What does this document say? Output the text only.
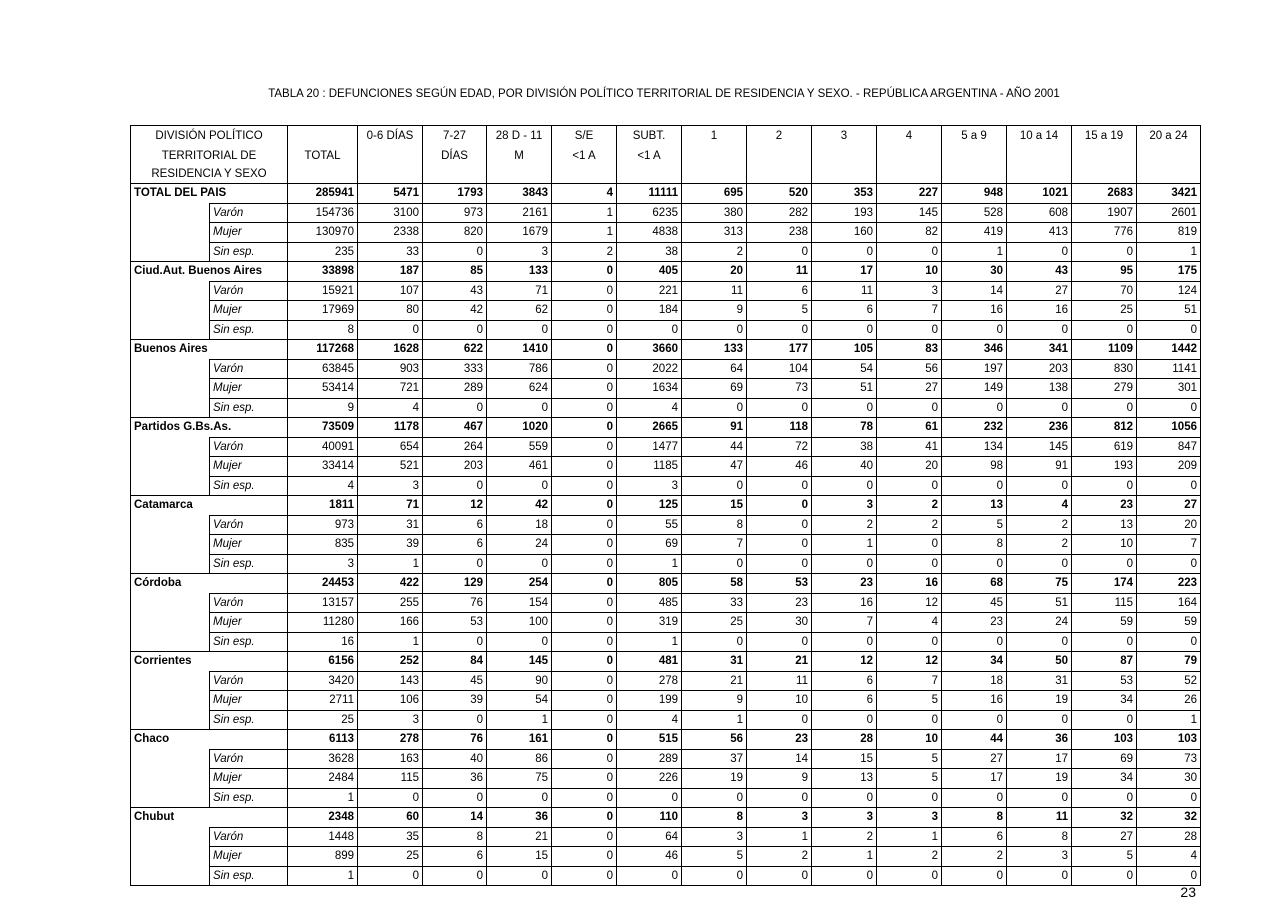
TABLA 20 : DEFUNCIONES SEGÚN EDAD, POR DIVISIÓN POLÍTICO TERRITORIAL DE RESIDENCIA Y SEXO. - REPÚBLICA ARGENTINA - AÑO 2001
DIVISIÓN POLÍTICO			0-6 DÍAS	7-27	28 D - 11	S/E	SUBT.	1	2	3	4	5 a 9	10 a 14	15 a 19	20 a 24
TERRITORIAL DE		TOTAL		DÍAS	M	<1 A	<1 A								
RESIDENCIA Y SEXO															
TOTAL DEL PAIS		285941	5471	1793	3843	4	11111	695	520	353	227	948	1021	2683	3421
	Varón	154736	3100	973	2161	1	6235	380	282	193	145	528	608	1907	2601
	Mujer	130970	2338	820	1679	1	4838	313	238	160	82	419	413	776	819
	Sin esp.	235	33	0	3	2	38	2	0	0	0	1	0	0	1
Ciud.Aut. Buenos Aires		33898	187	85	133	0	405	20	11	17	10	30	43	95	175
	Varón	15921	107	43	71	0	221	11	6	11	3	14	27	70	124
	Mujer	17969	80	42	62	0	184	9	5	6	7	16	16	25	51
	Sin esp.	8	0	0	0	0	0	0	0	0	0	0	0	0	0
Buenos Aires		117268	1628	622	1410	0	3660	133	177	105	83	346	341	1109	1442
	Varón	63845	903	333	786	0	2022	64	104	54	56	197	203	830	1141
	Mujer	53414	721	289	624	0	1634	69	73	51	27	149	138	279	301
	Sin esp.	9	4	0	0	0	4	0	0	0	0	0	0	0	0
Partidos G.Bs.As.		73509	1178	467	1020	0	2665	91	118	78	61	232	236	812	1056
	Varón	40091	654	264	559	0	1477	44	72	38	41	134	145	619	847
	Mujer	33414	521	203	461	0	1185	47	46	40	20	98	91	193	209
	Sin esp.	4	3	0	0	0	3	0	0	0	0	0	0	0	0
Catamarca		1811	71	12	42	0	125	15	0	3	2	13	4	23	27
	Varón	973	31	6	18	0	55	8	0	2	2	5	2	13	20
	Mujer	835	39	6	24	0	69	7	0	1	0	8	2	10	7
	Sin esp.	3	1	0	0	0	1	0	0	0	0	0	0	0	0
Córdoba		24453	422	129	254	0	805	58	53	23	16	68	75	174	223
	Varón	13157	255	76	154	0	485	33	23	16	12	45	51	115	164
	Mujer	11280	166	53	100	0	319	25	30	7	4	23	24	59	59
	Sin esp.	16	1	0	0	0	1	0	0	0	0	0	0	0	0
Corrientes		6156	252	84	145	0	481	31	21	12	12	34	50	87	79
	Varón	3420	143	45	90	0	278	21	11	6	7	18	31	53	52
	Mujer	2711	106	39	54	0	199	9	10	6	5	16	19	34	26
	Sin esp.	25	3	0	1	0	4	1	0	0	0	0	0	0	1
Chaco		6113	278	76	161	0	515	56	23	28	10	44	36	103	103
	Varón	3628	163	40	86	0	289	37	14	15	5	27	17	69	73
	Mujer	2484	115	36	75	0	226	19	9	13	5	17	19	34	30
	Sin esp.	1	0	0	0	0	0	0	0	0	0	0	0	0	0
Chubut		2348	60	14	36	0	110	8	3	3	3	8	11	32	32
	Varón	1448	35	8	21	0	64	3	1	2	1	6	8	27	28
	Mujer	899	25	6	15	0	46	5	2	1	2	2	3	5	4
	Sin esp.	1	0	0	0	0	0	0	0	0	0	0	0	0	0
23
